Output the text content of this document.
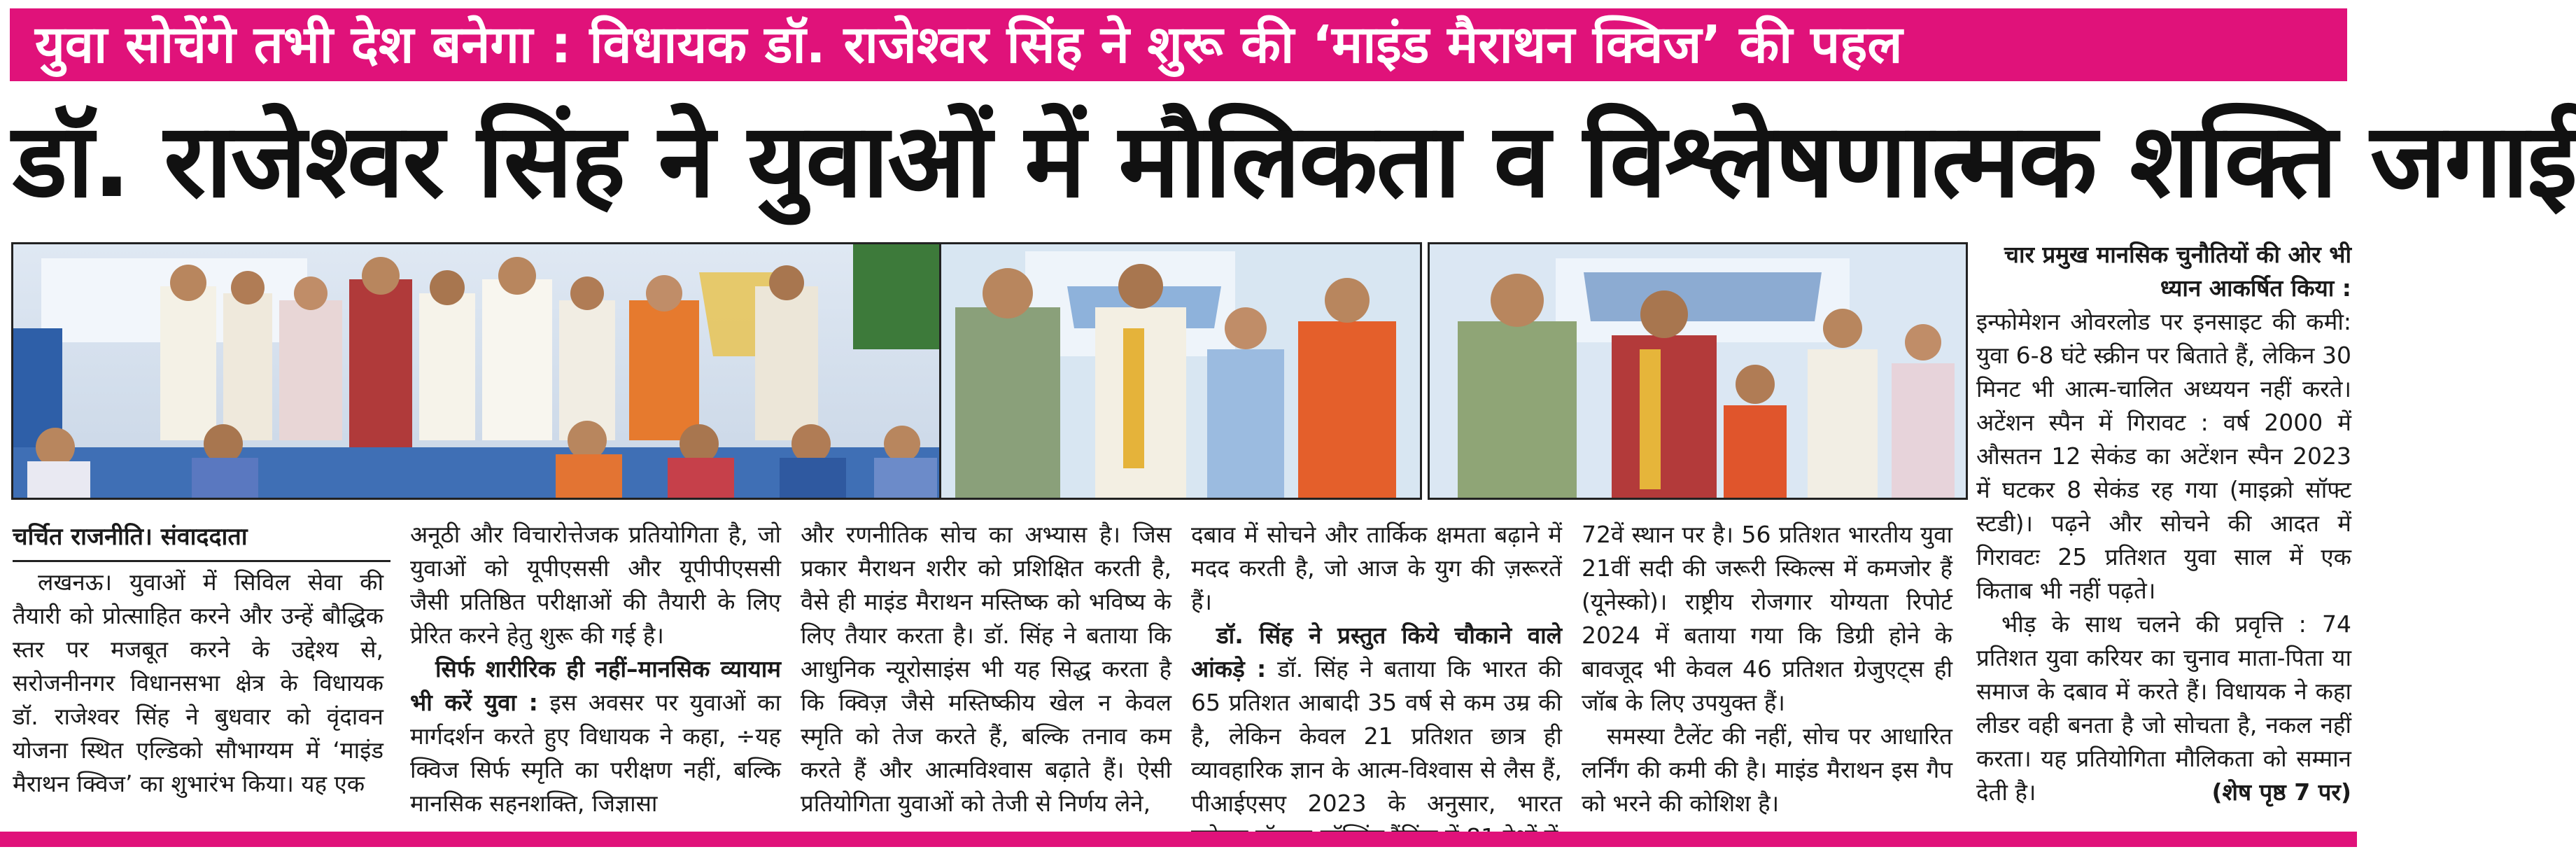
युवा सोचेंगे तभी देश बनेगा : विधायक डॉ. राजेश्वर सिंह ने शुरू की ‘माइंड मैराथन क्विज’ की पहल
डॉ. राजेश्वर सिंह ने युवाओं में मौलिकता व विश्लेषणात्मक शक्ति जगाई

चार प्रमुख मानसिक चुनौतियों की ओर भी ध्यान आकर्षित किया :

इन्फोमेशन ओवरलोड पर इनसाइट की कमी: युवा 6-8 घंटे स्क्रीन पर बिताते हैं, लेकिन 30 मिनट भी आत्म-चालित अध्ययन नहीं करते। अटेंशन स्पैन में गिरावट : वर्ष 2000 में औसतन 12 सेकंड का अटेंशन स्पैन 2023 में घटकर 8 सेकंड रह गया (माइक्रो सॉफ्ट स्टडी)। पढ़ने और सोचने की आदत में गिरावटः 25 प्रतिशत युवा साल में एक किताब भी नहीं पढ़ते।

भीड़ के साथ चलने की प्रवृत्ति : 74 प्रतिशत युवा करियर का चुनाव माता-पिता या समाज के दबाव में करते हैं। विधायक ने कहा लीडर वही बनता है जो सोचता है, नकल नहीं करता। यह प्रतियोगिता मौलिकता को सम्मान देती है।	(शेष पृष्ठ 7 पर)

चर्चित राजनीति। संवाददाता

लखनऊ। युवाओं में सिविल सेवा की तैयारी को प्रोत्साहित करने और उन्हें बौद्धिक स्तर पर मजबूत करने के उद्देश्य से, सरोजनीनगर विधानसभा क्षेत्र के विधायक डॉ. राजेश्वर सिंह ने बुधवार को वृंदावन योजना स्थित एल्डिको सौभाग्यम में ‘माइंड मैराथन क्विज’ का शुभारंभ किया। यह एक

अनूठी और विचारोत्तेजक प्रतियोगिता है, जो युवाओं को यूपीएससी और यूपीपीएससी जैसी प्रतिष्ठित परीक्षाओं की तैयारी के लिए प्रेरित करने हेतु शुरू की गई है।

सिर्फ शारीरिक ही नहीं–मानसिक व्यायाम भी करें युवा : इस अवसर पर युवाओं का मार्गदर्शन करते हुए विधायक ने कहा, ÷यह क्विज सिर्फ स्मृति का परीक्षण नहीं, बल्कि मानसिक सहनशक्ति, जिज्ञासा

और रणनीतिक सोच का अभ्यास है। जिस प्रकार मैराथन शरीर को प्रशिक्षित करती है, वैसे ही माइंड मैराथन मस्तिष्क को भविष्य के लिए तैयार करता है। डॉ. सिंह ने बताया कि आधुनिक न्यूरोसाइंस भी यह सिद्ध करता है कि क्विज़ जैसे मस्तिष्कीय खेल न केवल स्मृति को तेज करते हैं, बल्कि तनाव कम करते हैं और आत्मविश्वास बढ़ाते हैं। ऐसी प्रतियोगिता युवाओं को तेजी से निर्णय लेने,

दबाव में सोचने और तार्किक क्षमता बढ़ाने में मदद करती है, जो आज के युग की ज़रूरतें हैं।

डॉ. सिंह ने प्रस्तुत किये चौकाने वाले आंकड़े : डॉ. सिंह ने बताया कि भारत की 65 प्रतिशत आबादी 35 वर्ष से कम उम्र की है, लेकिन केवल 21 प्रतिशत छात्र ही व्यावहारिक ज्ञान के आत्म-विश्वास से लैस हैं, पीआईएसए 2023 के अनुसार, भारत

72वें स्थान पर है। 56 प्रतिशत भारतीय युवा 21वीं सदी की जरूरी स्किल्स में कमजोर हैं (यूनेस्को)। राष्ट्रीय रोजगार योग्यता रिपोर्ट 2024 में बताया गया कि डिग्री होने के बावजूद भी केवल 46 प्रतिशत ग्रेजुएट्स ही जॉब के लिए उपयुक्त हैं।

समस्या टैलेंट की नहीं, सोच पर आधारित लर्निंग की कमी की है। माइंड मैराथन इस गैप को भरने की कोशिश है।
